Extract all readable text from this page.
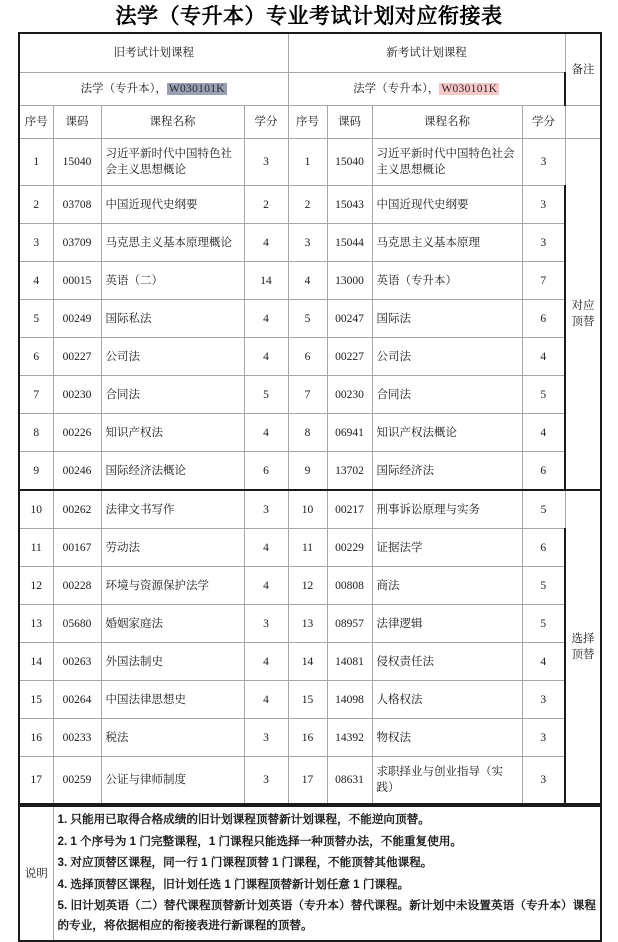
法学（专升本）专业考试计划对应衔接表
旧考试计划课程				新考试计划课程				备注
法学（专升本）， W030101K				法学（专升本）， W030101K				
序号	课码	课程名称	学分	序号	课码	课程名称	学分	
1	15040	习近平新时代中国特色社会主义思想概论	3	1	15040	习近平新时代中国特色社会主义思想概论	3	对应顶替
2	03708	中国近现代史纲要	2	2	15043	中国近现代史纲要	3	
3	03709	马克思主义基本原理概论	4	3	15044	马克思主义基本原理	3	
4	00015	英语（二）	14	4	13000	英语（专升本）	7	
5	00249	国际私法	4	5	00247	国际法	6	
6	00227	公司法	4	6	00227	公司法	4	
7	00230	合同法	5	7	00230	合同法	5	
8	00226	知识产权法	4	8	06941	知识产权法概论	4	
9	00246	国际经济法概论	6	9	13702	国际经济法	6	
10	00262	法律文书写作	3	10	00217	刑事诉讼原理与实务	5	选择顶替
11	00167	劳动法	4	11	00229	证据法学	6	
12	00228	环境与资源保护法学	4	12	00808	商法	5	
13	05680	婚姻家庭法	3	13	08957	法律逻辑	5	
14	00263	外国法制史	4	14	14081	侵权责任法	4	
15	00264	中国法律思想史	4	15	14098	人格权法	3	
16	00233	税法	3	16	14392	物权法	3	
17	00259	公证与律师制度	3	17	08631	求职择业与创业指导（实践）	3	
说明	

1. 只能用已取得合格成绩的旧计划课程顶替新计划课程，不能逆向顶替。

2. 1 个序号为 1 门完整课程，1 门课程只能选择一种顶替办法，不能重复使用。

3. 对应顶替区课程，同一行 1 门课程顶替 1 门课程，不能顶替其他课程。

4. 选择顶替区课程，旧计划任选 1 门课程顶替新计划任意 1 门课程。

5. 旧计划英语（二）替代课程顶替新计划英语（专升本）替代课程。新计划中未设置英语（专升本）课程的专业，将依据相应的衔接表进行新课程的顶替。
